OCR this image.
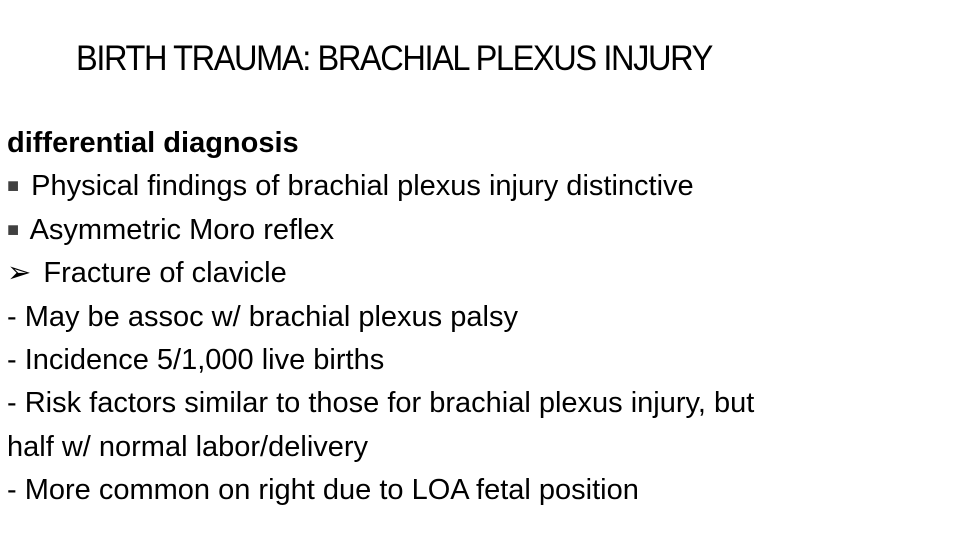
BIRTH TRAUMA: BRACHIAL PLEXUS INJURY
differential diagnosis
■ Physical findings of brachial plexus injury distinctive
■ Asymmetric Moro reflex
➢ Fracture of clavicle
- May be assoc w/ brachial plexus palsy
- Incidence 5/1,000 live births
- Risk factors similar to those for brachial plexus injury, but
half w/ normal labor/delivery
- More common on right due to LOA fetal position
